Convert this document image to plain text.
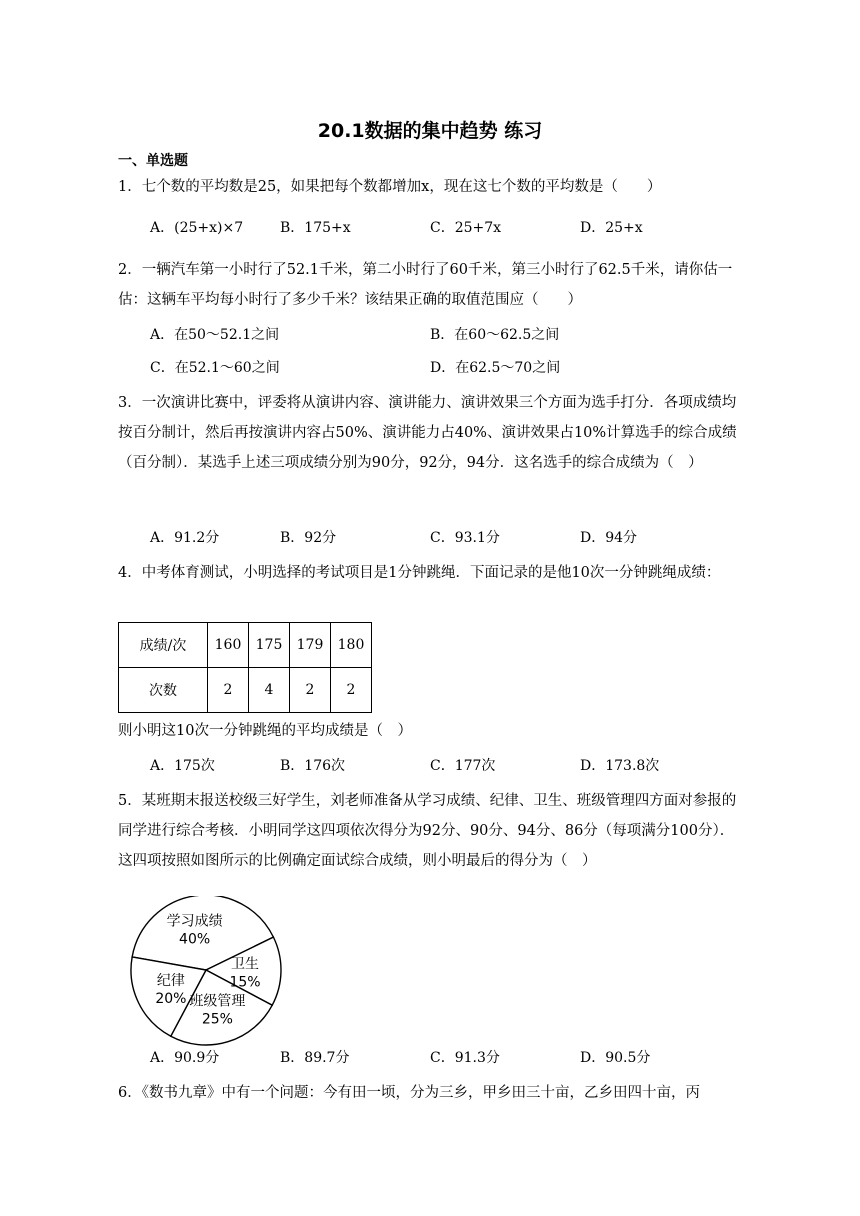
20.1数据的集中趋势 练习
一、单选题
1．七个数的平均数是25，如果把每个数都增加x，现在这七个数的平均数是（　　）
A．(25+x)×7	B．175+x	C．25+7x	D．25+x
2．一辆汽车第一小时行了52.1千米，第二小时行了60千米，第三小时行了62.5千米，请你估一估：这辆车平均每小时行了多少千米？该结果正确的取值范围应（　　）
A．在50～52.1之间	B．在60～62.5之间
C．在52.1～60之间	D．在62.5～70之间
3．一次演讲比赛中，评委将从演讲内容、演讲能力、演讲效果三个方面为选手打分．各项成绩均按百分制计，然后再按演讲内容占50%、演讲能力占40%、演讲效果占10%计算选手的综合成绩（百分制）．某选手上述三项成绩分别为90分，92分，94分．这名选手的综合成绩为（　）
A．91.2分	B．92分	C．93.1分	D．94分
4．中考体育测试，小明选择的考试项目是1分钟跳绳．下面记录的是他10次一分钟跳绳成绩：
成绩/次	160	175	179	180
次数	2	4	2	2
则小明这10次一分钟跳绳的平均成绩是（　）
A．175次	B．176次	C．177次	D．173.8次
5．某班期末报送校级三好学生，刘老师准备从学习成绩、纪律、卫生、班级管理四方面对参报的同学进行综合考核．小明同学这四项依次得分为92分、90分、94分、86分（每项满分100分）．这四项按照如图所示的比例确定面试综合成绩，则小明最后的得分为（　）
学习成绩
40%
卫生
15%
班级管理
25%
纪律
20%
A．90.9分	B．89.7分	C．91.3分	D．90.5分
6．《数书九章》中有一个问题：今有田一顷，分为三乡，甲乡田三十亩，乙乡田四十亩，丙
